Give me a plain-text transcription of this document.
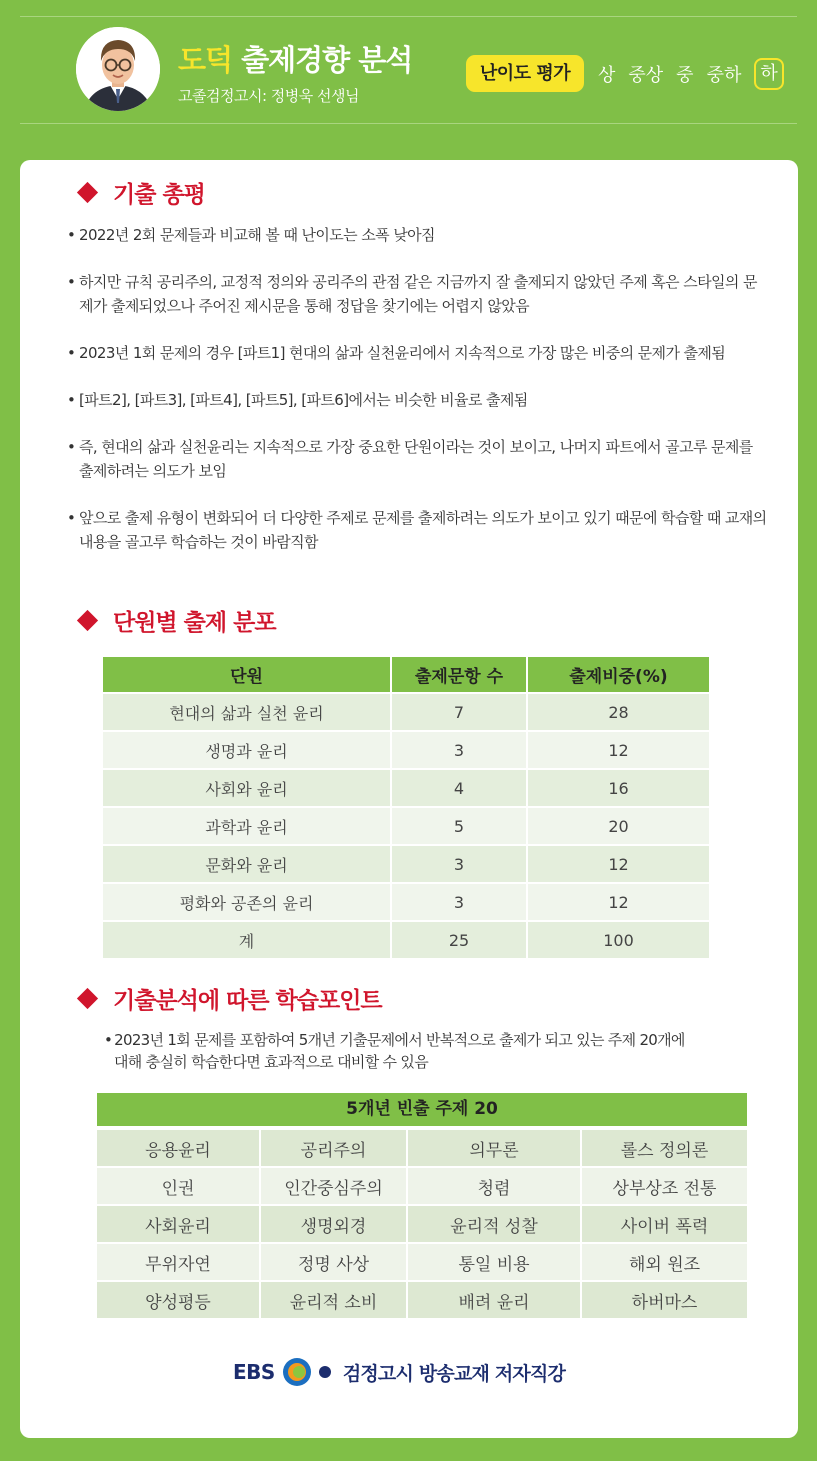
도덕 출제경향 분석
고졸검정고시: 정병욱 선생님
난이도 평가	상 중상 중 중하	하
기출 총평
• 2022년 2회 문제들과 비교해 볼 때 난이도는 소폭 낮아짐
• 하지만 규칙 공리주의, 교정적 정의와 공리주의 관점 같은 지금까지 잘 출제되지 않았던 주제 혹은 스타일의 문제가 출제되었으나 주어진 제시문을 통해 정답을 찾기에는 어렵지 않았음
• 2023년 1회 문제의 경우 [파트1] 현대의 삶과 실천윤리에서 지속적으로 가장 많은 비중의 문제가 출제됨
• [파트2], [파트3], [파트4], [파트5], [파트6]에서는 비슷한 비율로 출제됨
• 즉, 현대의 삶과 실천윤리는 지속적으로 가장 중요한 단원이라는 것이 보이고, 나머지 파트에서 골고루 문제를 출제하려는 의도가 보임
• 앞으로 출제 유형이 변화되어 더 다양한 주제로 문제를 출제하려는 의도가 보이고 있기 때문에 학습할 때 교재의 내용을 골고루 학습하는 것이 바람직함
단원별 출제 분포
단원	출제문항 수	출제비중(%)
현대의 삶과 실천 윤리	7	28
생명과 윤리	3	12
사회와 윤리	4	16
과학과 윤리	5	20
문화와 윤리	3	12
평화와 공존의 윤리	3	12
계	25	100
기출분석에 따른 학습포인트
• 2023년 1회 문제를 포함하여 5개년 기출문제에서 반복적으로 출제가 되고 있는 주제 20개에
대해 충실히 학습한다면 효과적으로 대비할 수 있음
5개년 빈출 주제 20
응용윤리	공리주의	의무론	롤스 정의론
인권	인간중심주의	청렴	상부상조 전통
사회윤리	생명외경	윤리적 성찰	사이버 폭력
무위자연	정명 사상	통일 비용	해외 원조
양성평등	윤리적 소비	배려 윤리	하버마스
EBS	검정고시 방송교재 저자직강
